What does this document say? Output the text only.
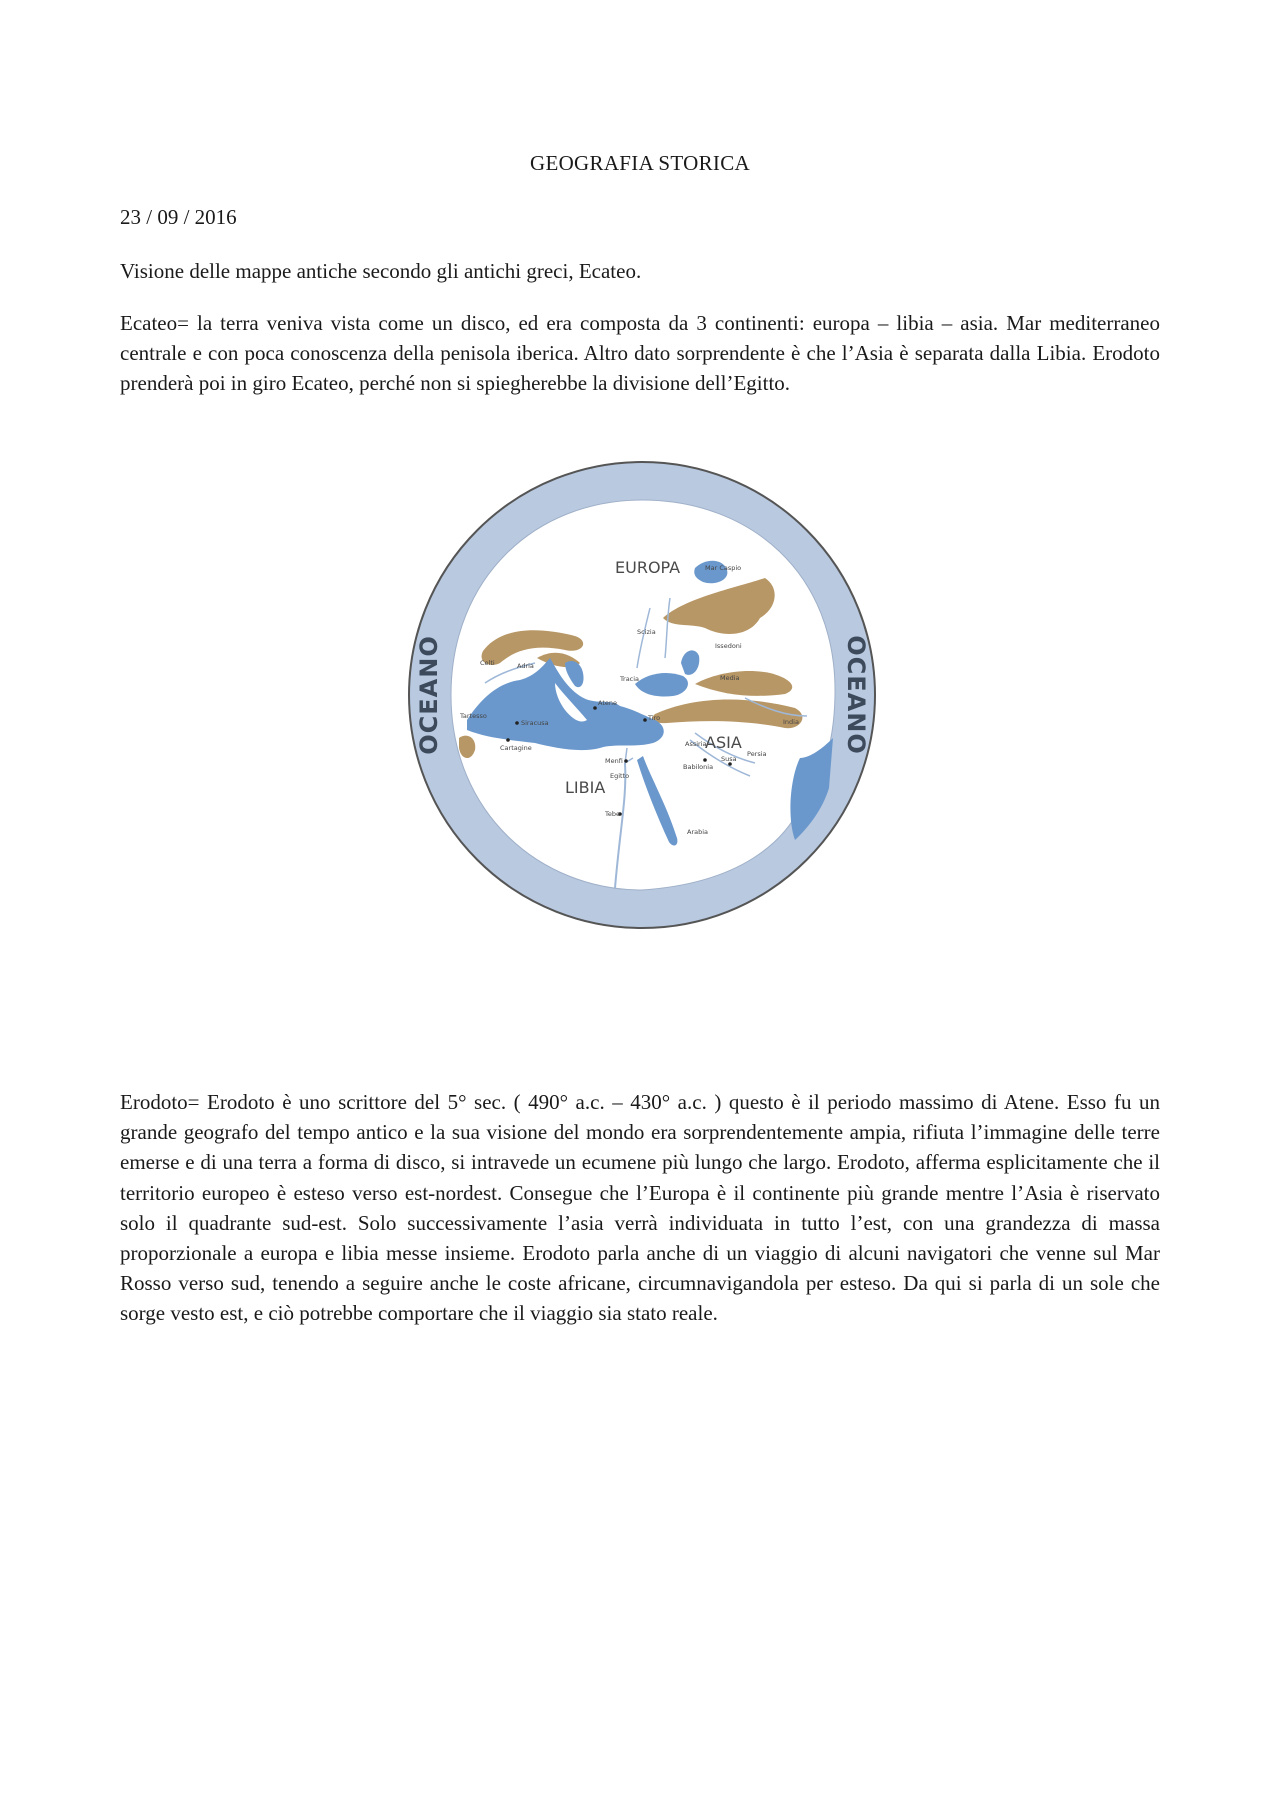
GEOGRAFIA STORICA
23 / 09 / 2016
Visione delle mappe antiche secondo gli antichi greci, Ecateo.

Ecateo= la terra veniva vista come un disco, ed era composta da 3 continenti: europa – libia – asia. Mar mediterraneo centrale e con poca conoscenza della penisola iberica. Altro dato sorprendente è che l’Asia è separata dalla Libia. Erodoto prenderà poi in giro Ecateo, perché non si spiegherebbe la divisione dell’Egitto.

EUROPA
ASIA
LIBIA
OCEANO	OCEANO
Mar Caspio
Scizia
Issedoni
Celti	Adria
Tracia	Media
Tartesso
Siracusa
Atene
Cartagine
Tiro	India
Assiria
Babilonia
Susa
Persia
Menfi
Egitto
Tebe
Arabia

Erodoto= Erodoto è uno scrittore del 5° sec. ( 490° a.c. – 430° a.c. ) questo è il periodo massimo di Atene. Esso fu un grande geografo del tempo antico e la sua visione del mondo era sorprendentemente ampia, rifiuta l’immagine delle terre emerse e di una terra a forma di disco, si intravede un ecumene più lungo che largo. Erodoto, afferma esplicitamente che il territorio europeo è esteso verso est-nordest. Consegue che l’Europa è il continente più grande mentre l’Asia è riservato solo il quadrante sud-est. Solo successivamente l’asia verrà individuata in tutto l’est, con una grandezza di massa proporzionale a europa e libia messe insieme. Erodoto parla anche di un viaggio di alcuni navigatori che venne sul Mar Rosso verso sud, tenendo a seguire anche le coste africane, circumnavigandola per esteso. Da qui si parla di un sole che sorge vesto est, e ciò potrebbe comportare che il viaggio sia stato reale.
